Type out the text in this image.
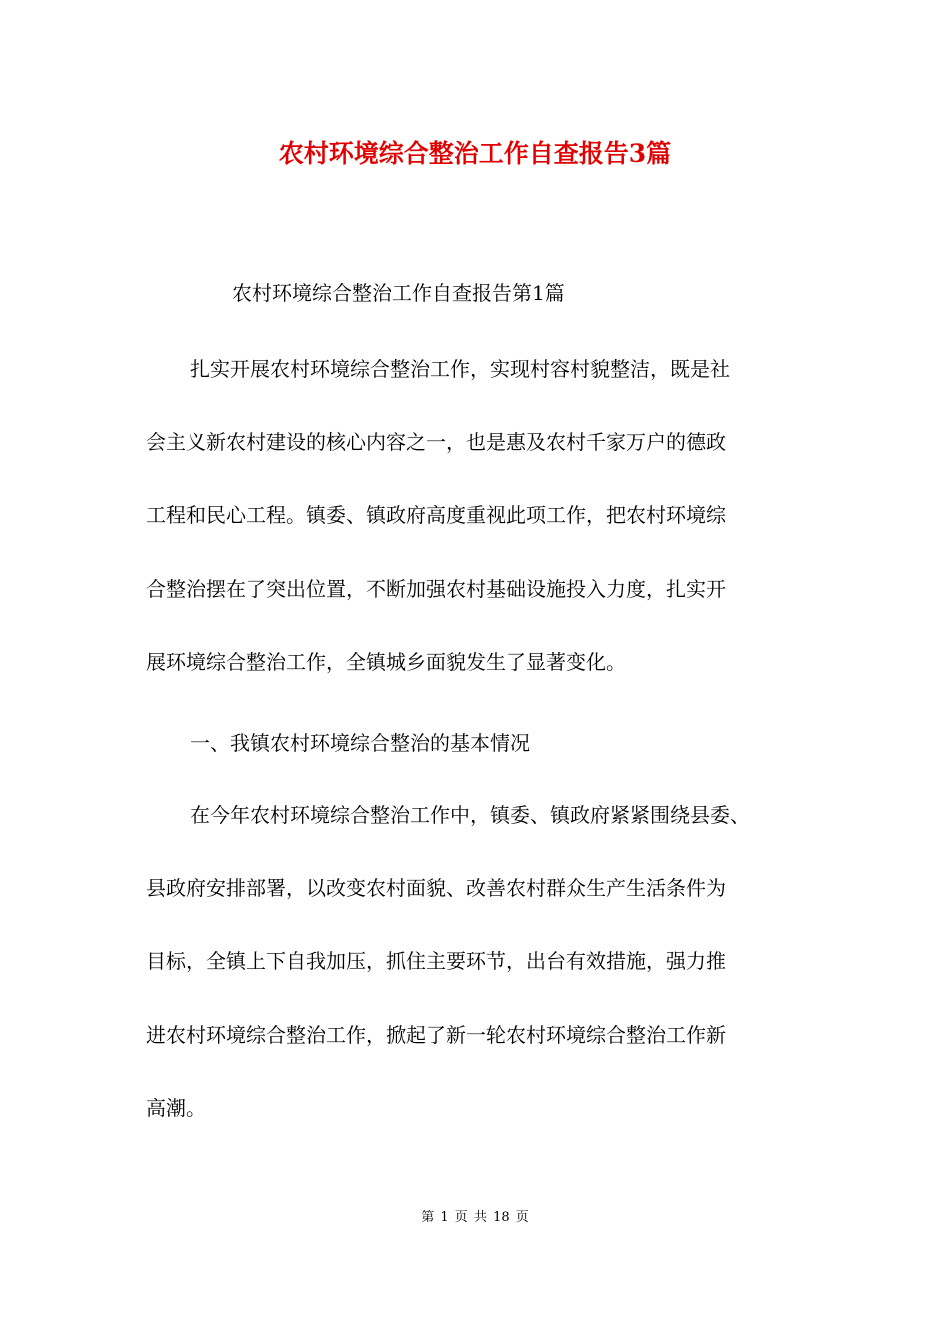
农村环境综合整治工作自查报告3篇
农村环境综合整治工作自查报告第1篇
扎实开展农村环境综合整治工作，实现村容村貌整洁，既是社
会主义新农村建设的核心内容之一，也是惠及农村千家万户的德政
工程和民心工程。镇委、镇政府高度重视此项工作，把农村环境综
合整治摆在了突出位置，不断加强农村基础设施投入力度，扎实开
展环境综合整治工作，全镇城乡面貌发生了显著变化。
一、我镇农村环境综合整治的基本情况
在今年农村环境综合整治工作中，镇委、镇政府紧紧围绕县委、
县政府安排部署，以改变农村面貌、改善农村群众生产生活条件为
目标，全镇上下自我加压，抓住主要环节，出台有效措施，强力推
进农村环境综合整治工作，掀起了新一轮农村环境综合整治工作新
高潮。
第 1 页 共 18 页
